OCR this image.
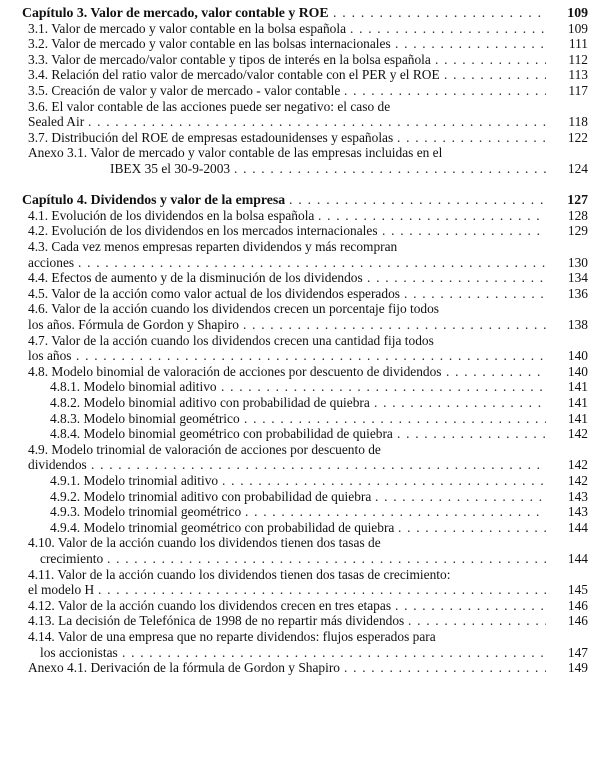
Capítulo 3. Valor de mercado, valor contable y ROE . . .	109
3.1. Valor de mercado y valor contable en la bolsa española . . .	109
3.2. Valor de mercado y valor contable en las bolsas internacionales . . .	111
3.3. Valor de mercado/valor contable y tipos de interés en la bolsa española . . .	112
3.4. Relación del ratio valor de mercado/valor contable con el PER y el ROE . . .	113
3.5. Creación de valor y valor de mercado - valor contable . . .	117
3.6. El valor contable de las acciones puede ser negativo: el caso de
Sealed Air . . .	118
3.7. Distribución del ROE de empresas estadounidenses y españolas . . .	122
Anexo 3.1. Valor de mercado y valor contable de las empresas incluidas en el
IBEX 35 el 30-9-2003 . . .	124
Capítulo 4. Dividendos y valor de la empresa . . .	127
4.1. Evolución de los dividendos en la bolsa española . . .	128
4.2. Evolución de los dividendos en los mercados internacionales . . .	129
4.3. Cada vez menos empresas reparten dividendos y más recompran
acciones . . .	130
4.4. Efectos de aumento y de la disminución de los dividendos . . .	134
4.5. Valor de la acción como valor actual de los dividendos esperados . . .	136
4.6. Valor de la acción cuando los dividendos crecen un porcentaje fijo todos
los años. Fórmula de Gordon y Shapiro . . .	138
4.7. Valor de la acción cuando los dividendos crecen una cantidad fija todos
los años . . .	140
4.8. Modelo binomial de valoración de acciones por descuento de dividendos . . .	140
4.8.1. Modelo binomial aditivo . . .	141
4.8.2. Modelo binomial aditivo con probabilidad de quiebra . . .	141
4.8.3. Modelo binomial geométrico . . .	141
4.8.4. Modelo binomial geométrico con probabilidad de quiebra . . .	142
4.9. Modelo trinomial de valoración de acciones por descuento de
dividendos . . .	142
4.9.1. Modelo trinomial aditivo . . .	142
4.9.2. Modelo trinomial aditivo con probabilidad de quiebra . . .	143
4.9.3. Modelo trinomial geométrico . . .	143
4.9.4. Modelo trinomial geométrico con probabilidad de quiebra . . .	144
4.10. Valor de la acción cuando los dividendos tienen dos tasas de
crecimiento . . .	144
4.11. Valor de la acción cuando los dividendos tienen dos tasas de crecimiento:
el modelo H . . .	145
4.12. Valor de la acción cuando los dividendos crecen en tres etapas . . .	146
4.13. La decisión de Telefónica de 1998 de no repartir más dividendos . . .	146
4.14. Valor de una empresa que no reparte dividendos: flujos esperados para
los accionistas . . .	147
Anexo 4.1. Derivación de la fórmula de Gordon y Shapiro . . .	149
